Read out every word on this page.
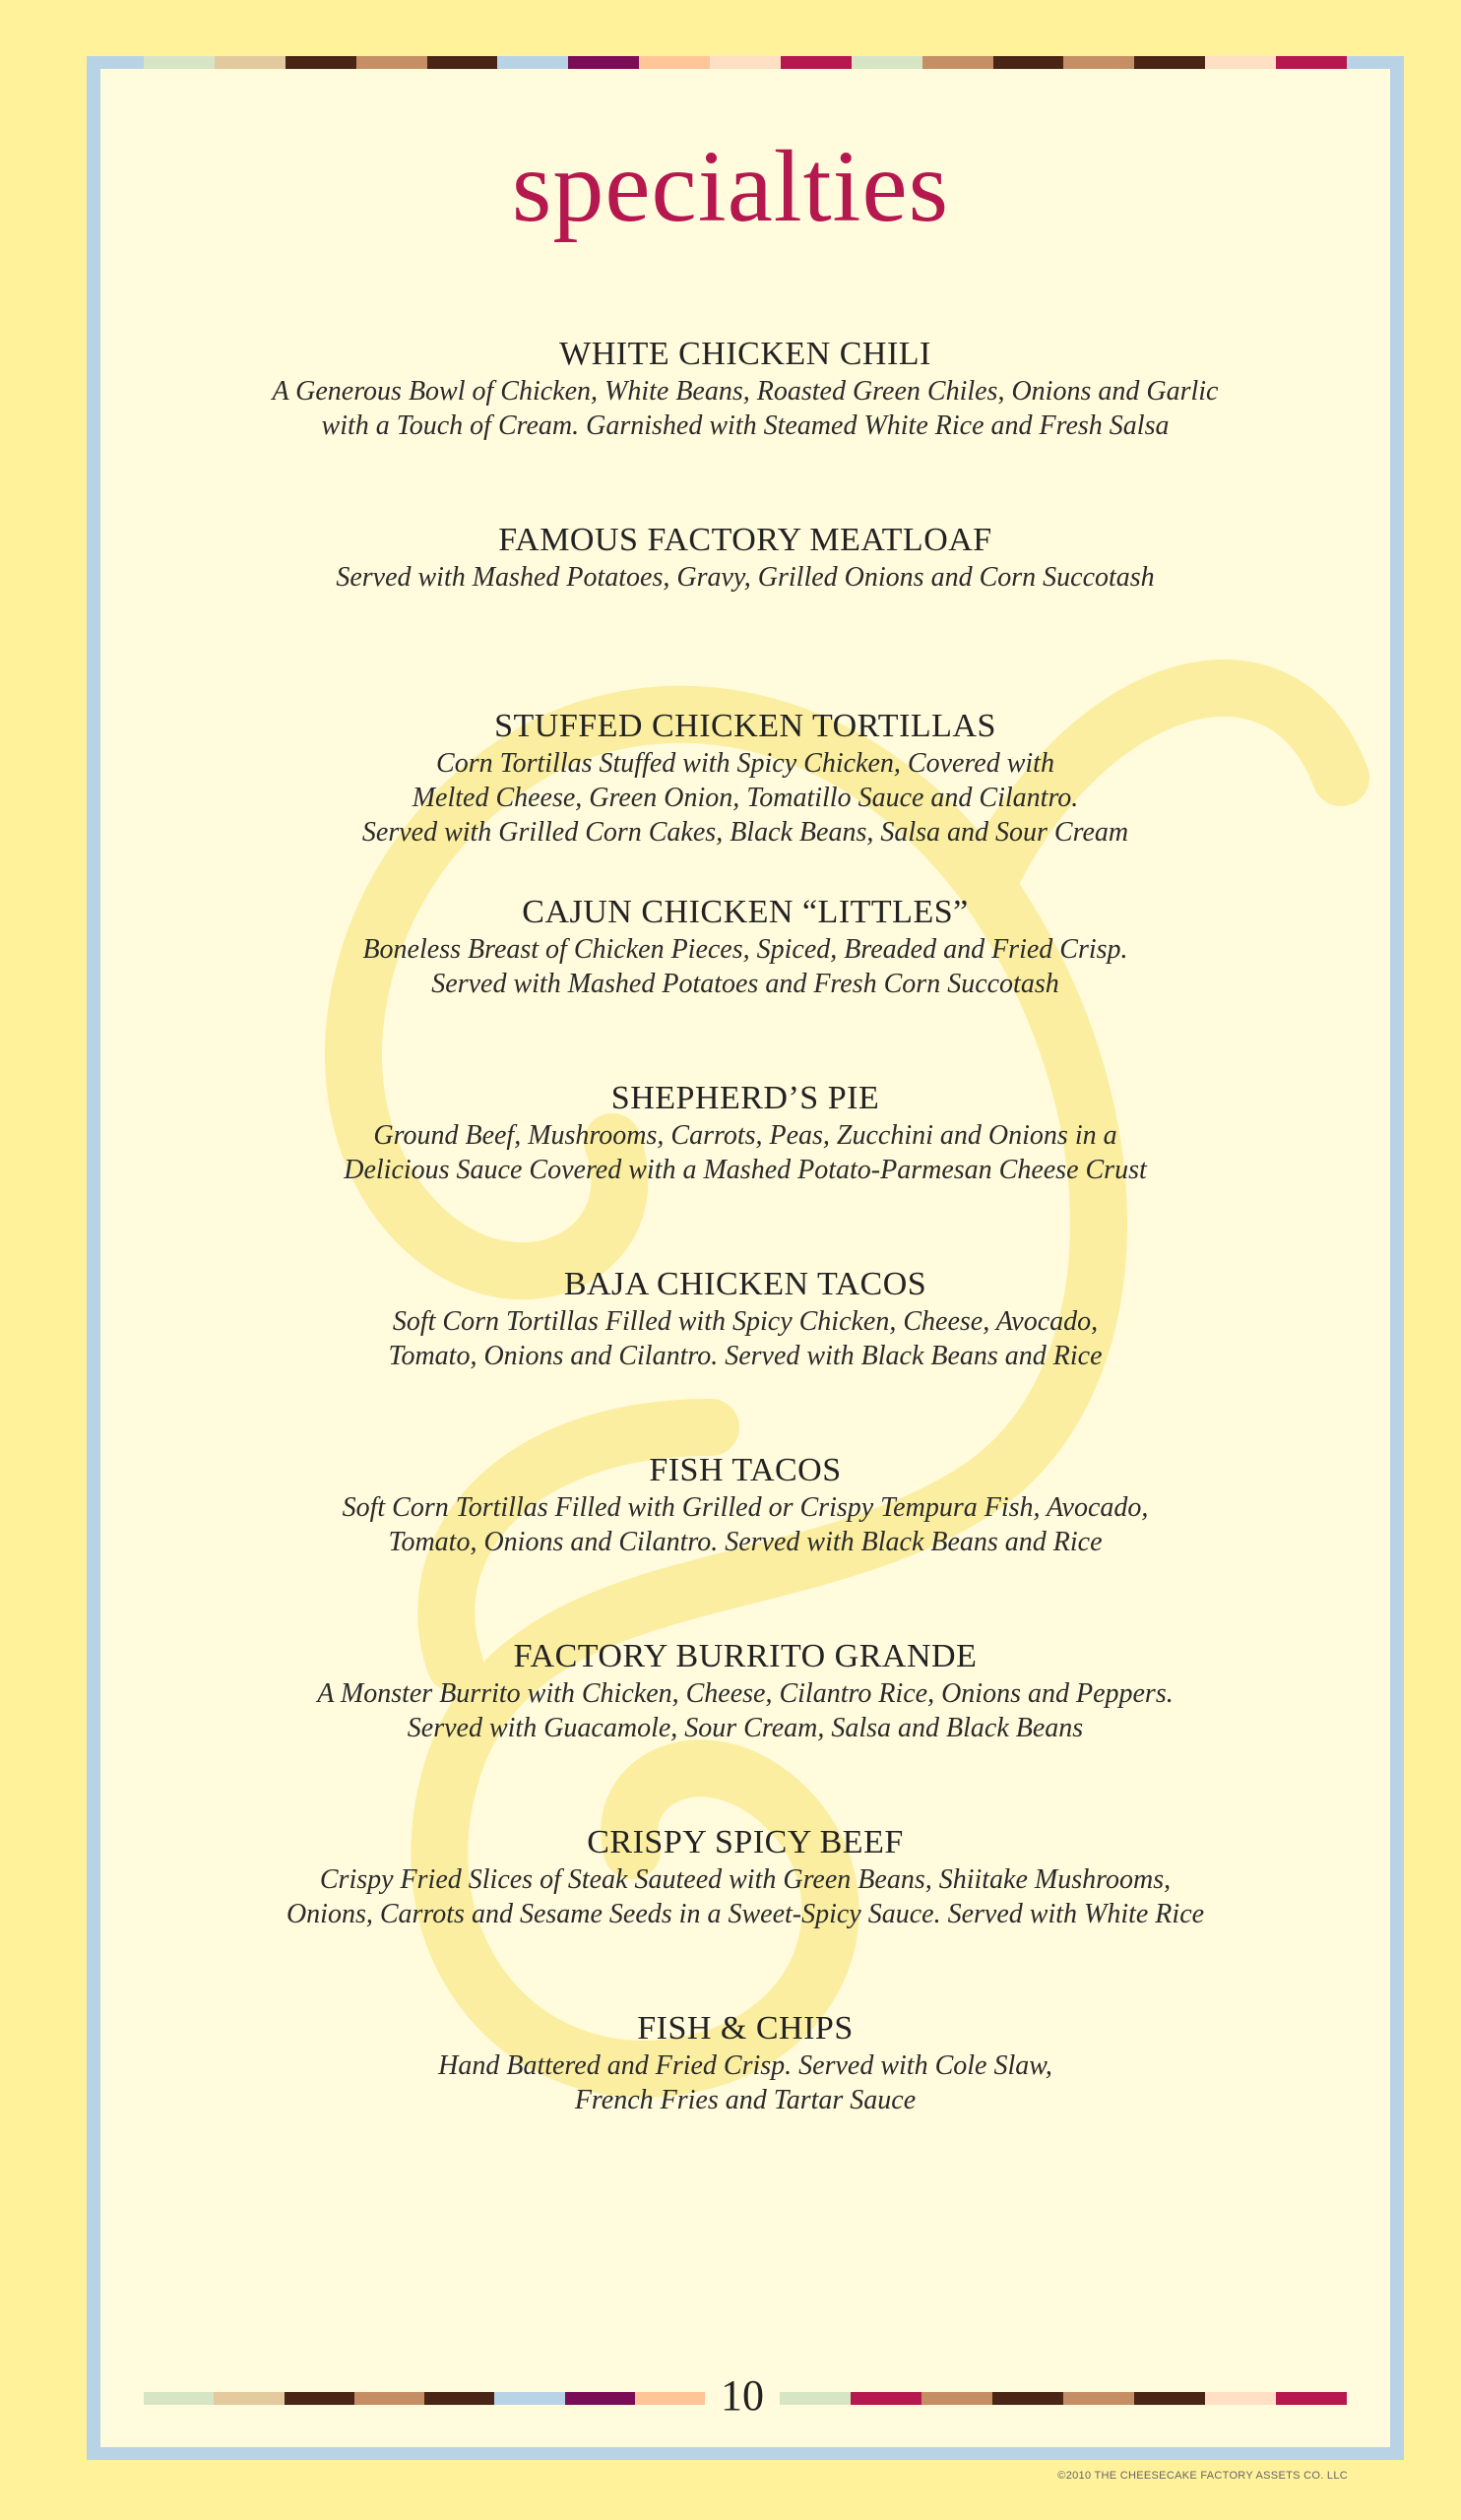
specialties
WHITE CHICKEN CHILI
A Generous Bowl of Chicken, White Beans, Roasted Green Chiles, Onions and Garlic
with a Touch of Cream. Garnished with Steamed White Rice and Fresh Salsa
FAMOUS FACTORY MEATLOAF
Served with Mashed Potatoes, Gravy, Grilled Onions and Corn Succotash
STUFFED CHICKEN TORTILLAS
Corn Tortillas Stuffed with Spicy Chicken, Covered with
Melted Cheese, Green Onion, Tomatillo Sauce and Cilantro.
Served with Grilled Corn Cakes, Black Beans, Salsa and Sour Cream
CAJUN CHICKEN “LITTLES”
Boneless Breast of Chicken Pieces, Spiced, Breaded and Fried Crisp.
Served with Mashed Potatoes and Fresh Corn Succotash
SHEPHERD’S PIE
Ground Beef, Mushrooms, Carrots, Peas, Zucchini and Onions in a
Delicious Sauce Covered with a Mashed Potato-Parmesan Cheese Crust
BAJA CHICKEN TACOS
Soft Corn Tortillas Filled with Spicy Chicken, Cheese, Avocado,
Tomato, Onions and Cilantro. Served with Black Beans and Rice
FISH TACOS
Soft Corn Tortillas Filled with Grilled or Crispy Tempura Fish, Avocado,
Tomato, Onions and Cilantro. Served with Black Beans and Rice
FACTORY BURRITO GRANDE
A Monster Burrito with Chicken, Cheese, Cilantro Rice, Onions and Peppers.
Served with Guacamole, Sour Cream, Salsa and Black Beans
CRISPY SPICY BEEF
Crispy Fried Slices of Steak Sauteed with Green Beans, Shiitake Mushrooms,
Onions, Carrots and Sesame Seeds in a Sweet-Spicy Sauce. Served with White Rice
FISH & CHIPS
Hand Battered and Fried Crisp. Served with Cole Slaw,
French Fries and Tartar Sauce
10
©2010 THE CHEESECAKE FACTORY ASSETS CO. LLC
